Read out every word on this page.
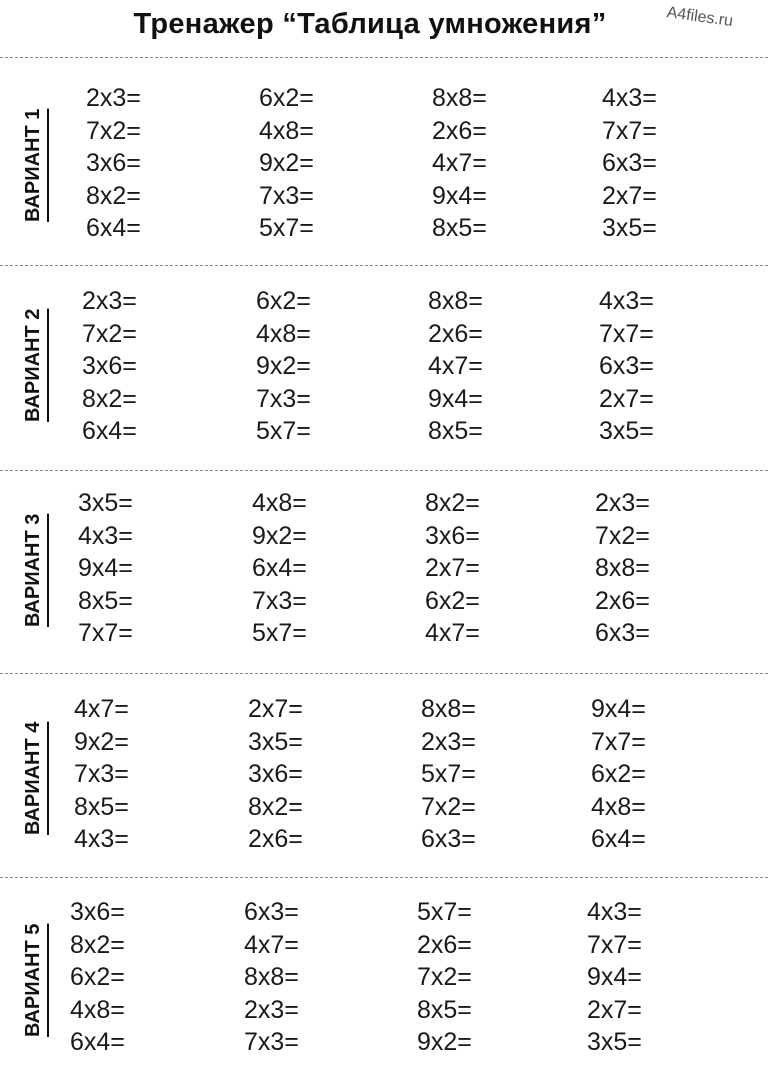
Тренажер “Таблица умножения”	A4files.ru
ВАРИАНТ 1
2x3=
7x2=
3x6=
8x2=
6x4=
6x2=
4x8=
9x2=
7x3=
5x7=
8x8=
2x6=
4x7=
9x4=
8x5=
4x3=
7x7=
6x3=
2x7=
3x5=
ВАРИАНТ 2
2x3=
7x2=
3x6=
8x2=
6x4=
6x2=
4x8=
9x2=
7x3=
5x7=
8x8=
2x6=
4x7=
9x4=
8x5=
4x3=
7x7=
6x3=
2x7=
3x5=
ВАРИАНТ 3
3x5=
4x3=
9x4=
8x5=
7x7=
4x8=
9x2=
6x4=
7x3=
5x7=
8x2=
3x6=
2x7=
6x2=
4x7=
2x3=
7x2=
8x8=
2x6=
6x3=
ВАРИАНТ 4
4x7=
9x2=
7x3=
8x5=
4x3=
2x7=
3x5=
3x6=
8x2=
2x6=
8x8=
2x3=
5x7=
7x2=
6x3=
9x4=
7x7=
6x2=
4x8=
6x4=
ВАРИАНТ 5
3x6=
8x2=
6x2=
4x8=
6x4=
6x3=
4x7=
8x8=
2x3=
7x3=
5x7=
2x6=
7x2=
8x5=
9x2=
4x3=
7x7=
9x4=
2x7=
3x5=
